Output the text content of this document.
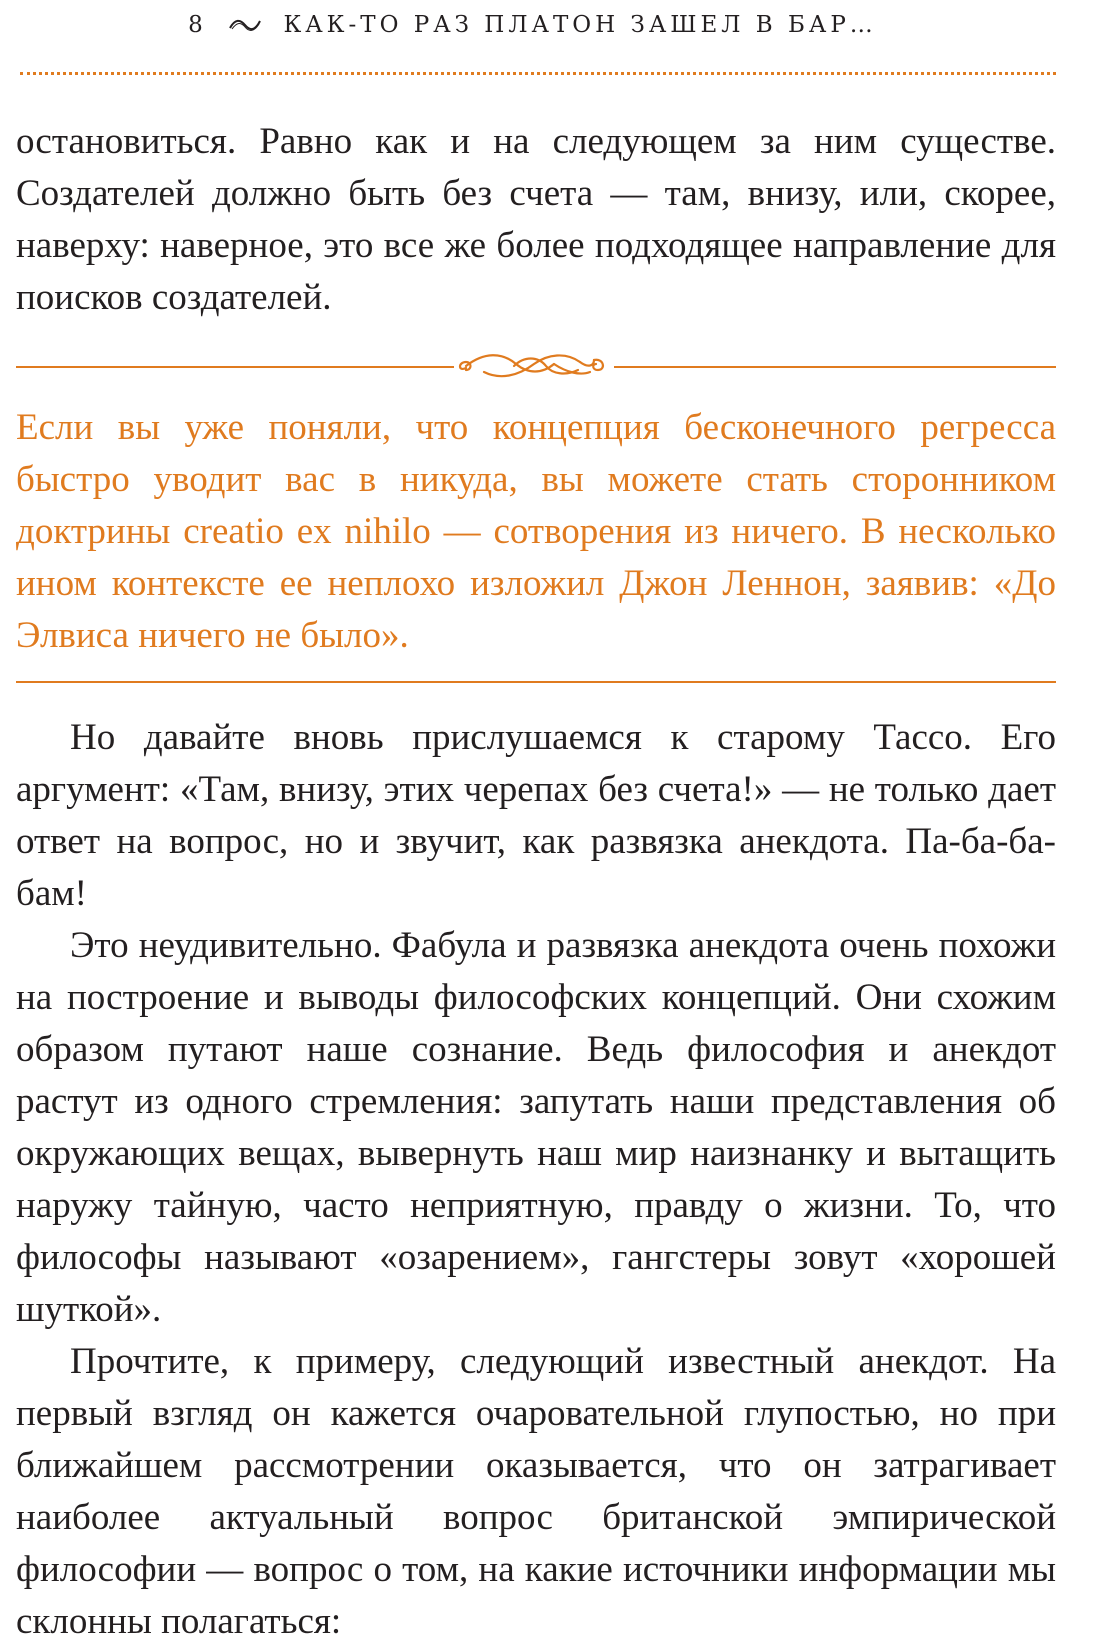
8	КАК-ТО РАЗ ПЛАТОН ЗАШЕЛ В БАР…

остановиться. Равно как и на следующем за ним существе. Создателей должно быть без счета — там, внизу, или, скорее, наверху: наверное, это все же более подходящее направление для поисков создателей.

Если вы уже поняли, что концепция бесконечного регресса быстро уводит вас в никуда, вы можете стать сторонником доктрины creatio ex nihilo — сотворения из ничего. В несколько ином контексте ее неплохо изложил Джон Леннон, заявив: «До Элвиса ничего не было».

Но давайте вновь прислушаемся к старому Тассо. Его аргумент: «Там, внизу, этих черепах без счета!» — не только дает ответ на вопрос, но и звучит, как развязка анекдота. Па-ба-ба-бам!

Это неудивительно. Фабула и развязка анекдота очень похожи на построение и выводы философских концепций. Они схожим образом путают наше сознание. Ведь философия и анекдот растут из одного стремления: запутать наши представления об окружающих вещах, вывернуть наш мир наизнанку и вытащить наружу тайную, часто неприятную, правду о жизни. То, что философы называют «озарением», гангстеры зовут «хорошей шуткой».

Прочтите, к примеру, следующий известный анекдот. На первый взгляд он кажется очаровательной глупостью, но при ближайшем рассмотрении оказывается, что он затрагивает наиболее актуальный вопрос британской эмпирической философии — вопрос о том, на какие источники информации мы склонны полагаться:
